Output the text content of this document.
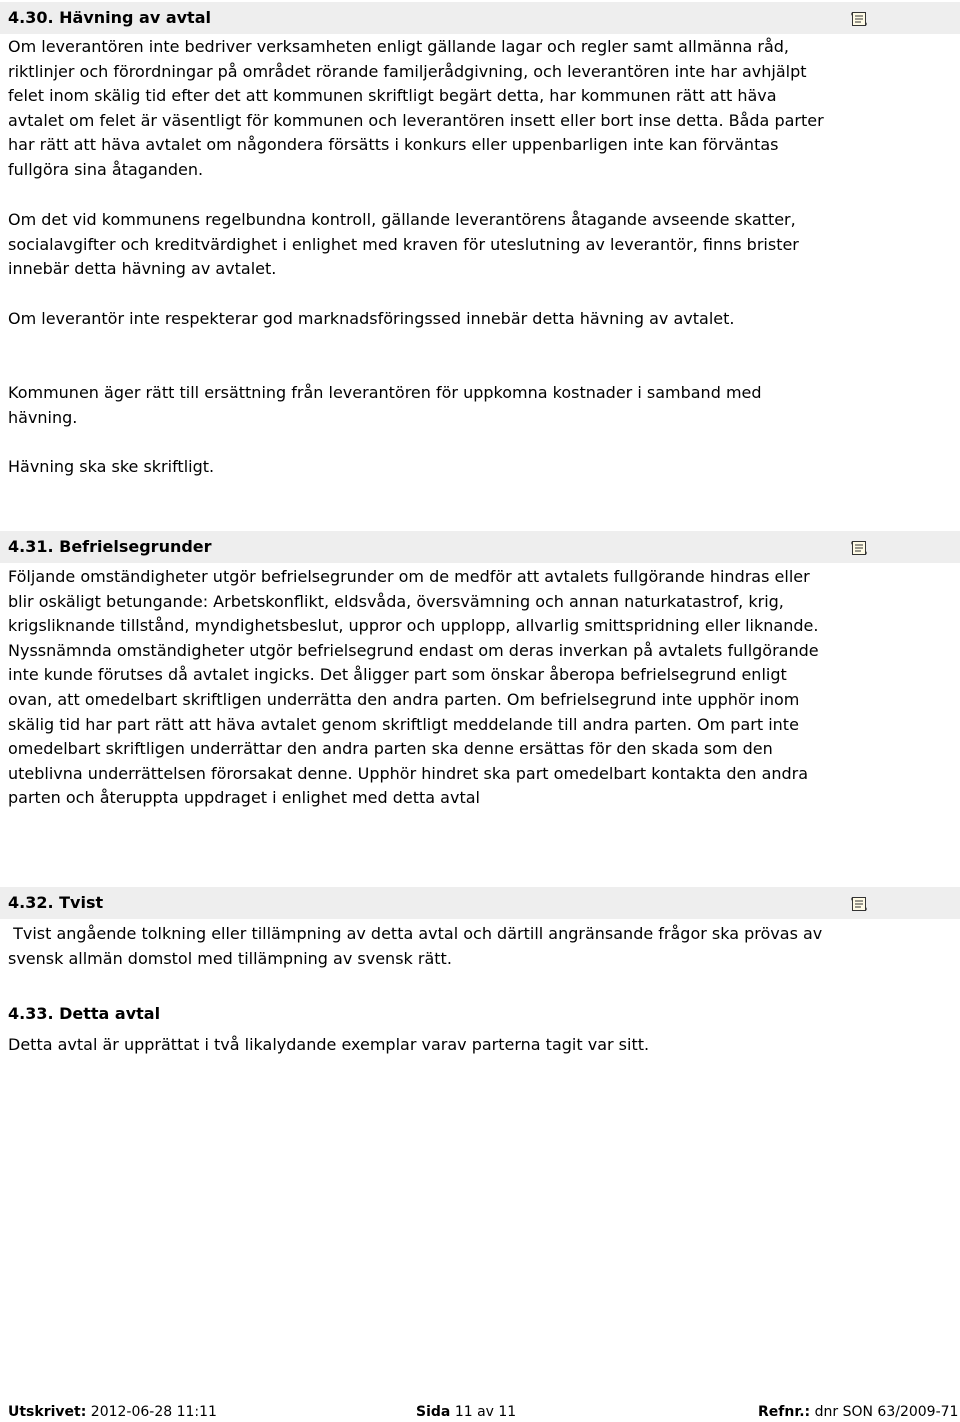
4.30. Hävning av avtal

Om leverantören inte bedriver verksamheten enligt gällande lagar och regler samt allmänna råd, riktlinjer och förordningar på området rörande familjerådgivning, och leverantören inte har avhjälpt felet inom skälig tid efter det att kommunen skriftligt begärt detta, har kommunen rätt att häva avtalet om felet är väsentligt för kommunen och leverantören insett eller bort inse detta. Båda parter har rätt att häva avtalet om någondera försätts i konkurs eller uppenbarligen inte kan förväntas fullgöra sina åtaganden.

Om det vid kommunens regelbundna kontroll, gällande leverantörens åtagande avseende skatter, socialavgifter och kreditvärdighet i enlighet med kraven för uteslutning av leverantör, finns brister innebär detta hävning av avtalet.

Om leverantör inte respekterar god marknadsföringssed innebär detta hävning av avtalet.

Kommunen äger rätt till ersättning från leverantören för uppkomna kostnader i samband med hävning.

Hävning ska ske skriftligt.

4.31. Befrielsegrunder

Följande omständigheter utgör befrielsegrunder om de medför att avtalets fullgörande hindras eller blir oskäligt betungande: Arbetskonflikt, eldsvåda, översvämning och annan naturkatastrof, krig, krigsliknande tillstånd, myndighetsbeslut, uppror och upplopp, allvarlig smittspridning eller liknande. Nyssnämnda omständigheter utgör befrielsegrund endast om deras inverkan på avtalets fullgörande inte kunde förutses då avtalet ingicks. Det åligger part som önskar åberopa befrielsegrund enligt ovan, att omedelbart skriftligen underrätta den andra parten. Om befrielsegrund inte upphör inom skälig tid har part rätt att häva avtalet genom skriftligt meddelande till andra parten. Om part inte omedelbart skriftligen underrättar den andra parten ska denne ersättas för den skada som den uteblivna underrättelsen förorsakat denne. Upphör hindret ska part omedelbart kontakta den andra parten och återuppta uppdraget i enlighet med detta avtal

4.32. Tvist

Tvist angående tolkning eller tillämpning av detta avtal och därtill angränsande frågor ska prövas av svensk allmän domstol med tillämpning av svensk rätt.

4.33. Detta avtal

Detta avtal är upprättat i två likalydande exemplar varav parterna tagit var sitt.

Utskrivet: 2012-06-28 11:11	Sida 11 av 11	Refnr.: dnr SON 63/2009-71
